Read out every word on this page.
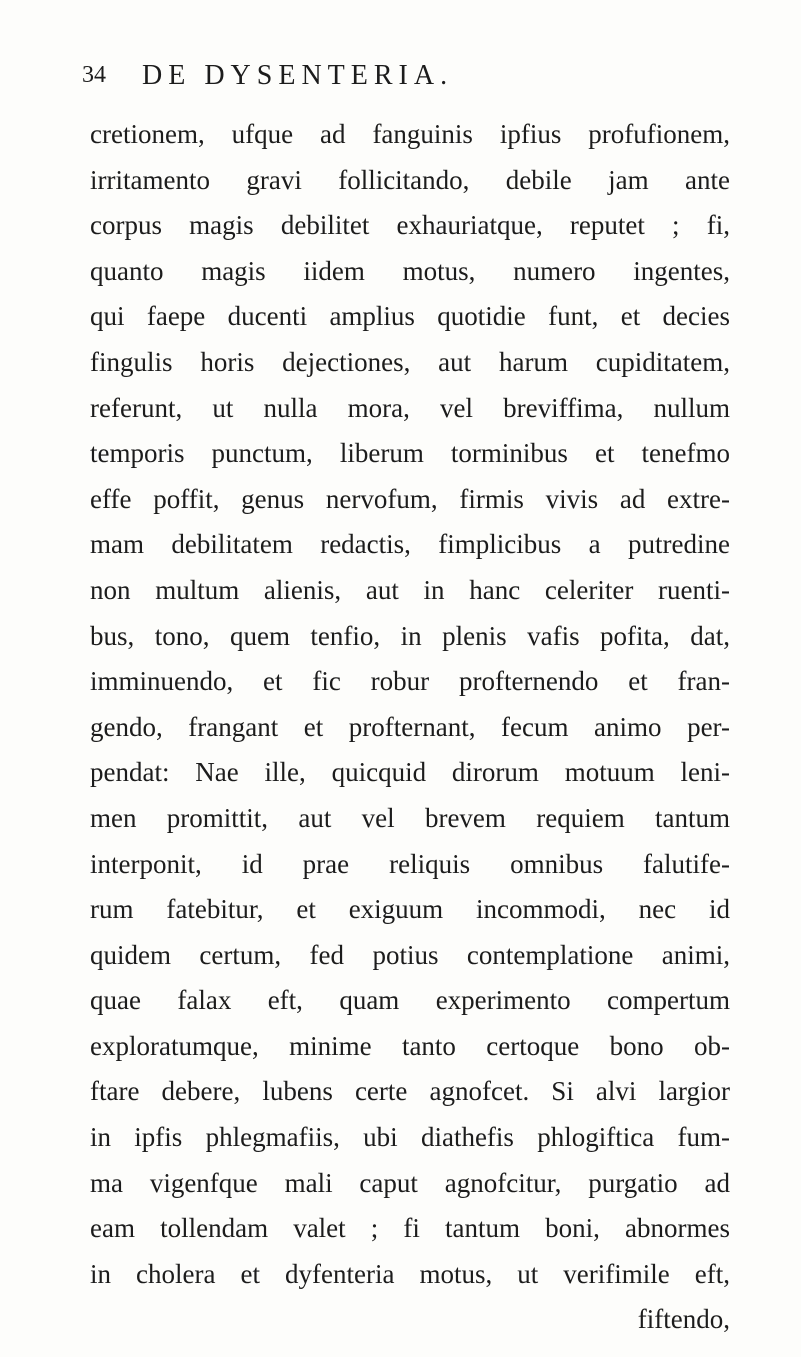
34 DE DYSENTERIA.
cretionem, ufque ad fanguinis ipfius profufionem,
irritamento gravi follicitando, debile jam ante
corpus magis debilitet exhauriatque, reputet ; fi,
quanto magis iidem motus, numero ingentes,
qui faepe ducenti amplius quotidie funt, et decies
fingulis horis dejectiones, aut harum cupiditatem,
referunt, ut nulla mora, vel breviffima, nullum
temporis punctum, liberum torminibus et tenefmo
effe poffit, genus nervofum, firmis vivis ad extre-
mam debilitatem redactis, fimplicibus a putredine
non multum alienis, aut in hanc celeriter ruenti-
bus, tono, quem tenfio, in plenis vafis pofita, dat,
imminuendo, et fic robur profternendo et fran-
gendo, frangant et profternant, fecum animo per-
pendat: Nae ille, quicquid dirorum motuum leni-
men promittit, aut vel brevem requiem tantum
interponit, id prae reliquis omnibus falutife-
rum fatebitur, et exiguum incommodi, nec id
quidem certum, fed potius contemplatione animi,
quae falax eft, quam experimento compertum
exploratumque, minime tanto certoque bono ob-
ftare debere, lubens certe agnofcet. Si alvi largior
in ipfis phlegmafiis, ubi diathefis phlogiftica fum-
ma vigenfque mali caput agnofcitur, purgatio ad
eam tollendam valet ; fi tantum boni, abnormes
in cholera et dyfenteria motus, ut verifimile eft,
fiftendo,
